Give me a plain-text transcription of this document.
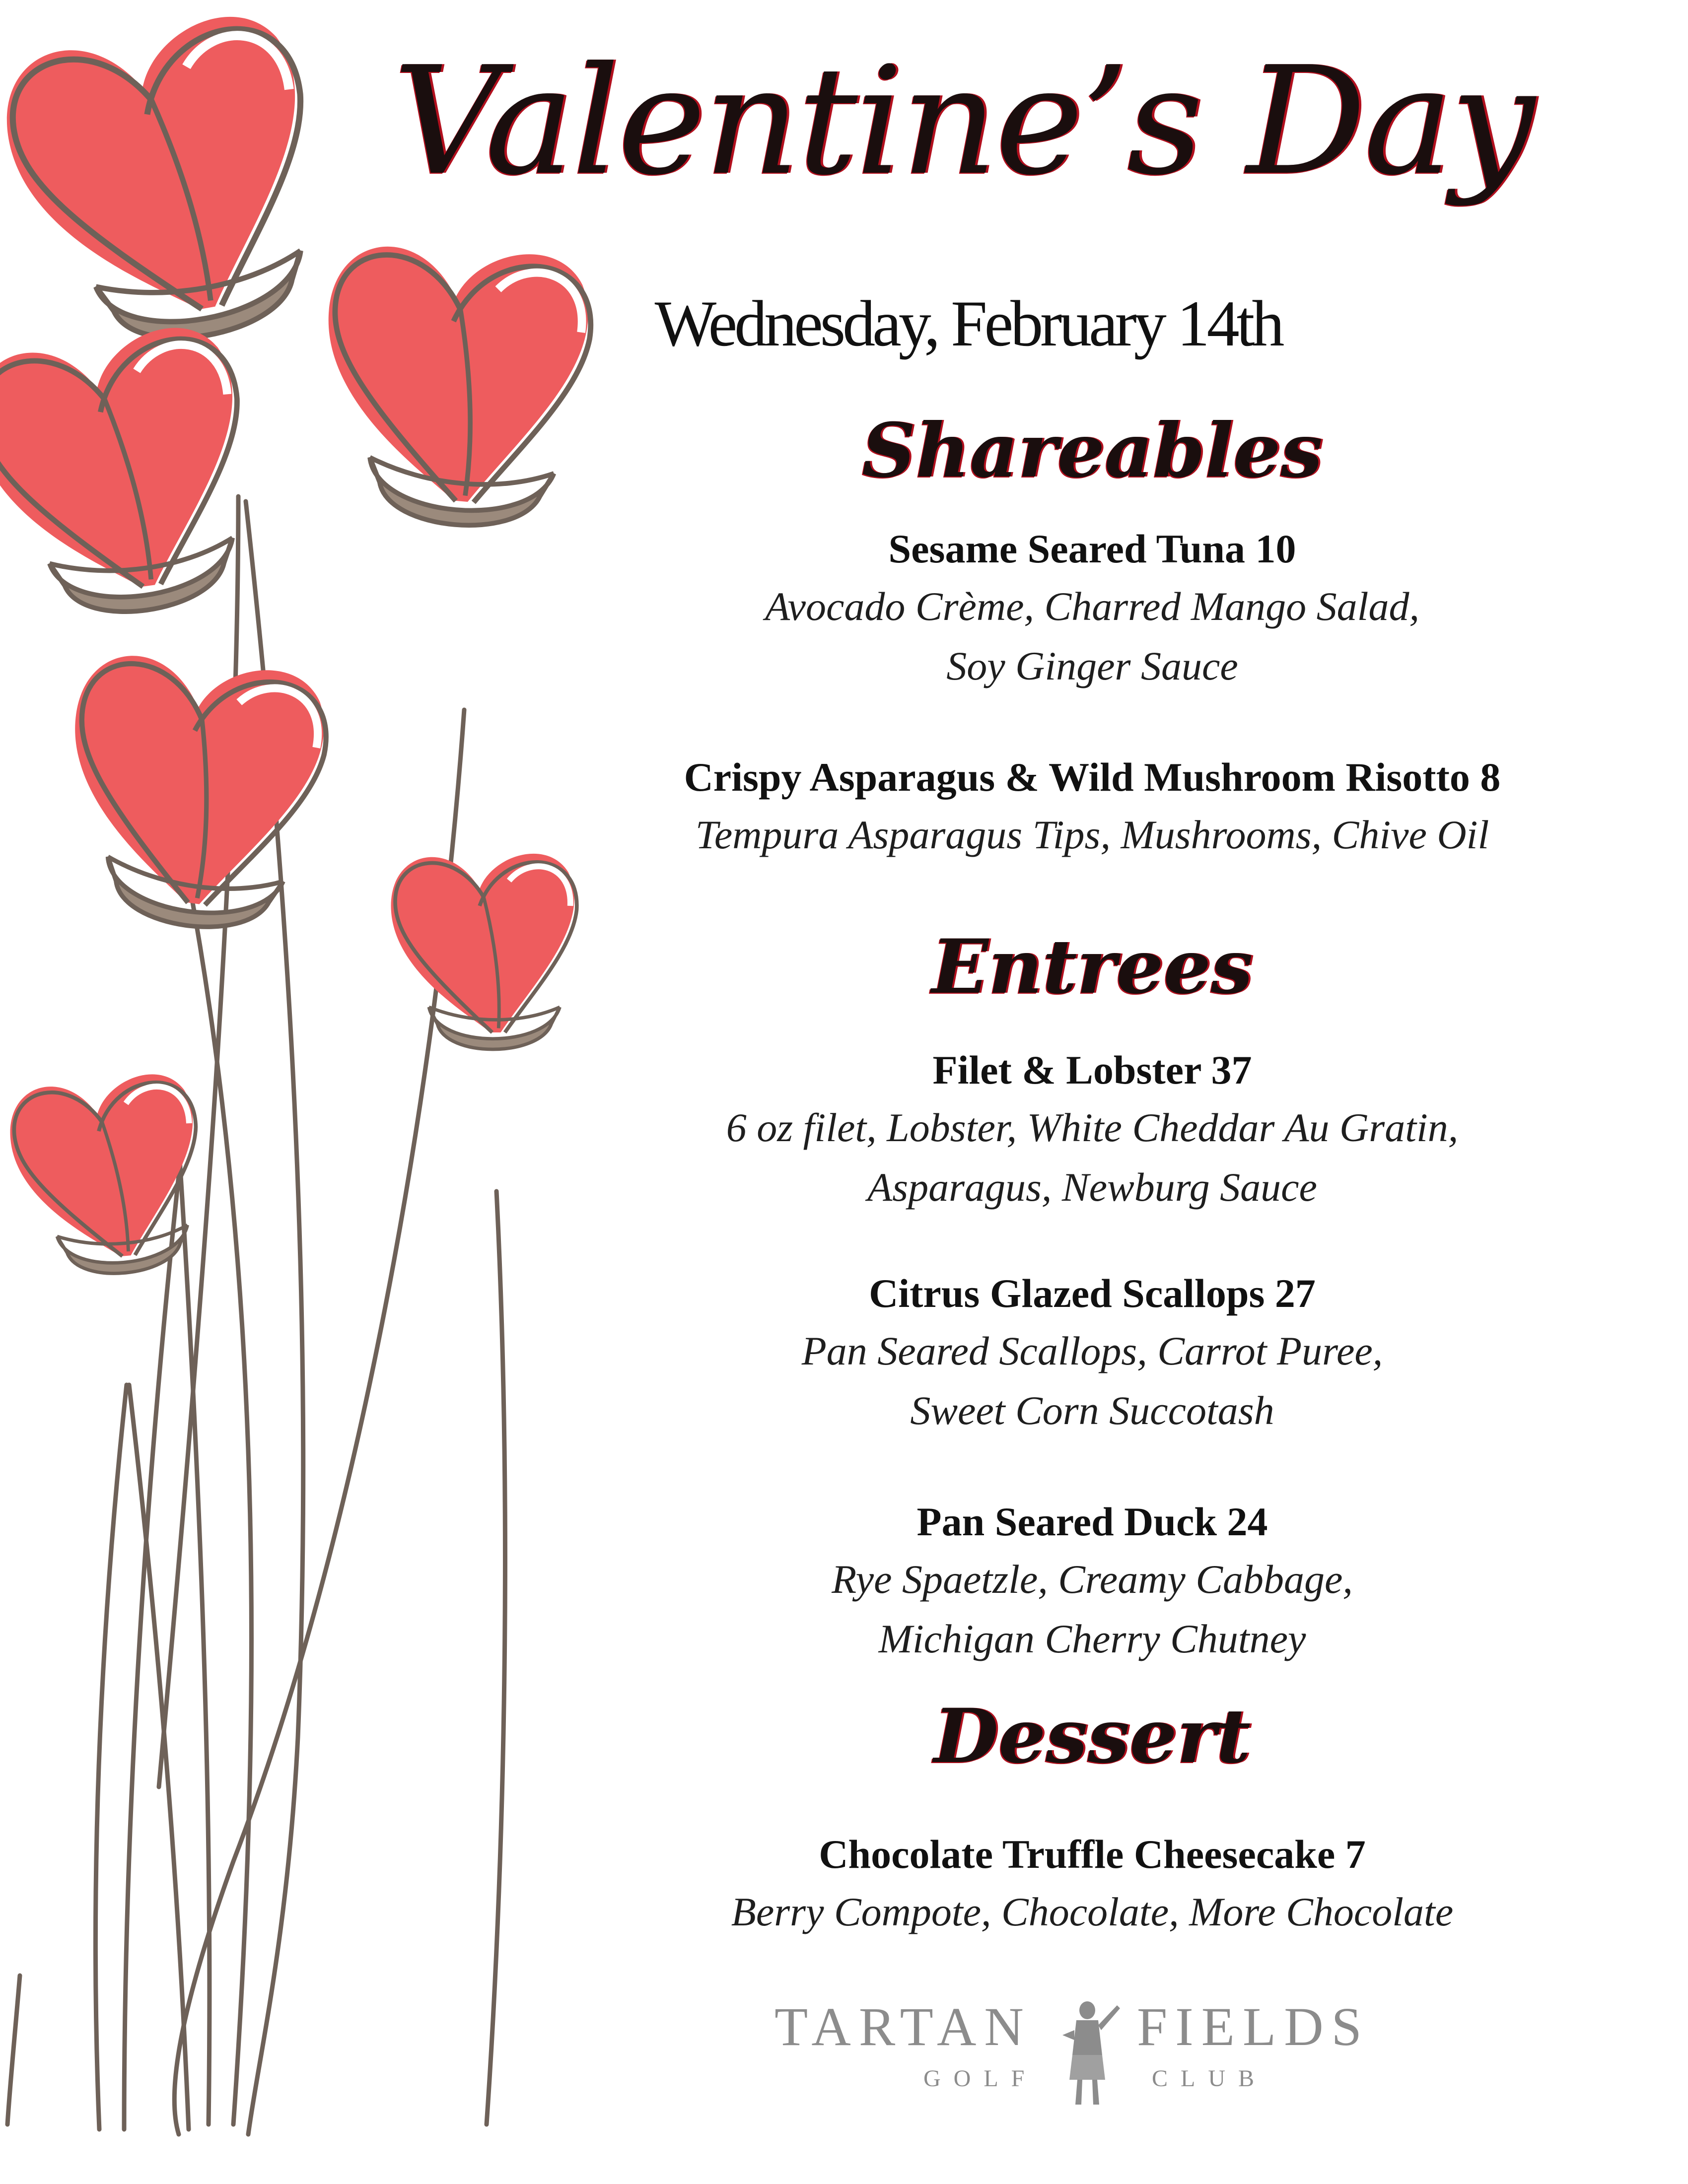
Valentine’s Day
Wednesday, February 14th
Shareables
Sesame Seared Tuna 10
Avocado Crème, Charred Mango Salad,
Soy Ginger Sauce
Crispy Asparagus & Wild Mushroom Risotto 8
Tempura Asparagus Tips, Mushrooms, Chive Oil
Entrees
Filet & Lobster 37
6 oz filet, Lobster, White Cheddar Au Gratin,
Asparagus, Newburg Sauce
Citrus Glazed Scallops 27
Pan Seared Scallops, Carrot Puree,
Sweet Corn Succotash
Pan Seared Duck 24
Rye Spaetzle, Creamy Cabbage,
Michigan Cherry Chutney
Dessert
Chocolate Truffle Cheesecake 7
Berry Compote, Chocolate, More Chocolate
TARTAN FIELDS
GOLF	CLUB
